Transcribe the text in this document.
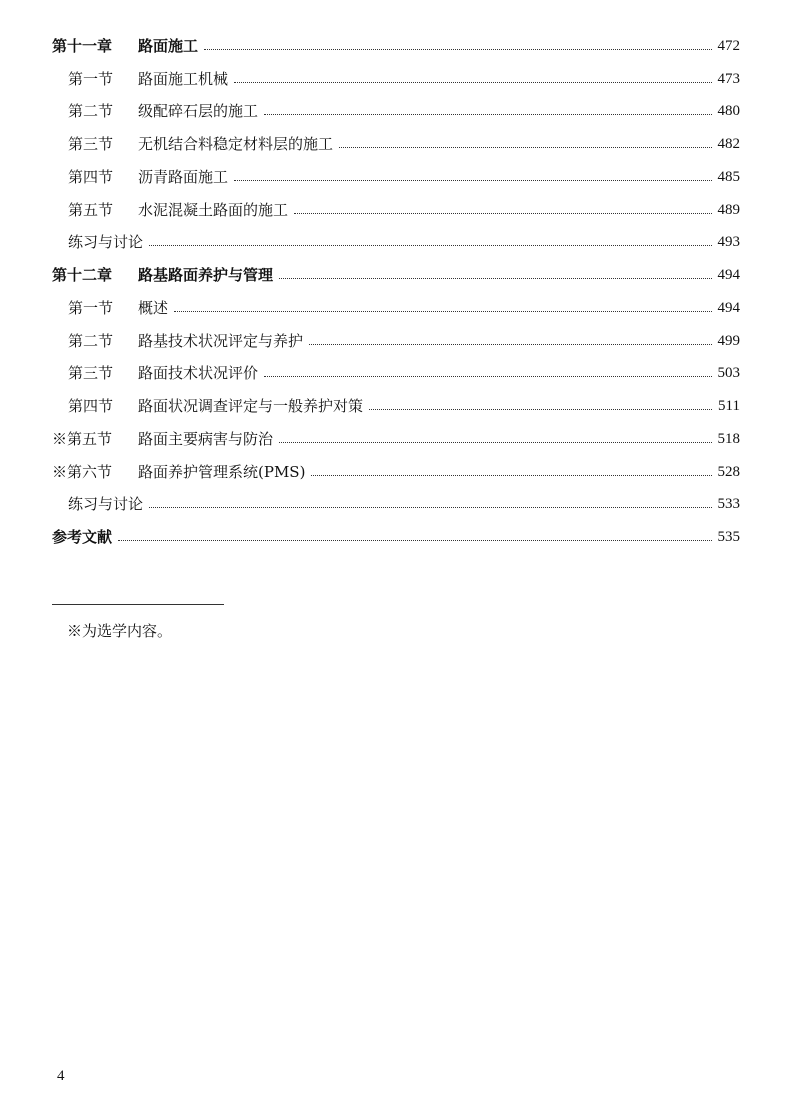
第十一章	路面施工	472
第一节	路面施工机械	473
第二节	级配碎石层的施工	480
第三节	无机结合料稳定材料层的施工	482
第四节	沥青路面施工	485
第五节	水泥混凝土路面的施工	489
练习与讨论	493
第十二章	路基路面养护与管理	494
第一节	概述	494
第二节	路基技术状况评定与养护	499
第三节	路面技术状况评价	503
第四节	路面状况调查评定与一般养护对策	511
※第五节	路面主要病害与防治	518
※第六节	路面养护管理系统(PMS)	528
练习与讨论	533
参考文献	535
※为选学内容。
4
